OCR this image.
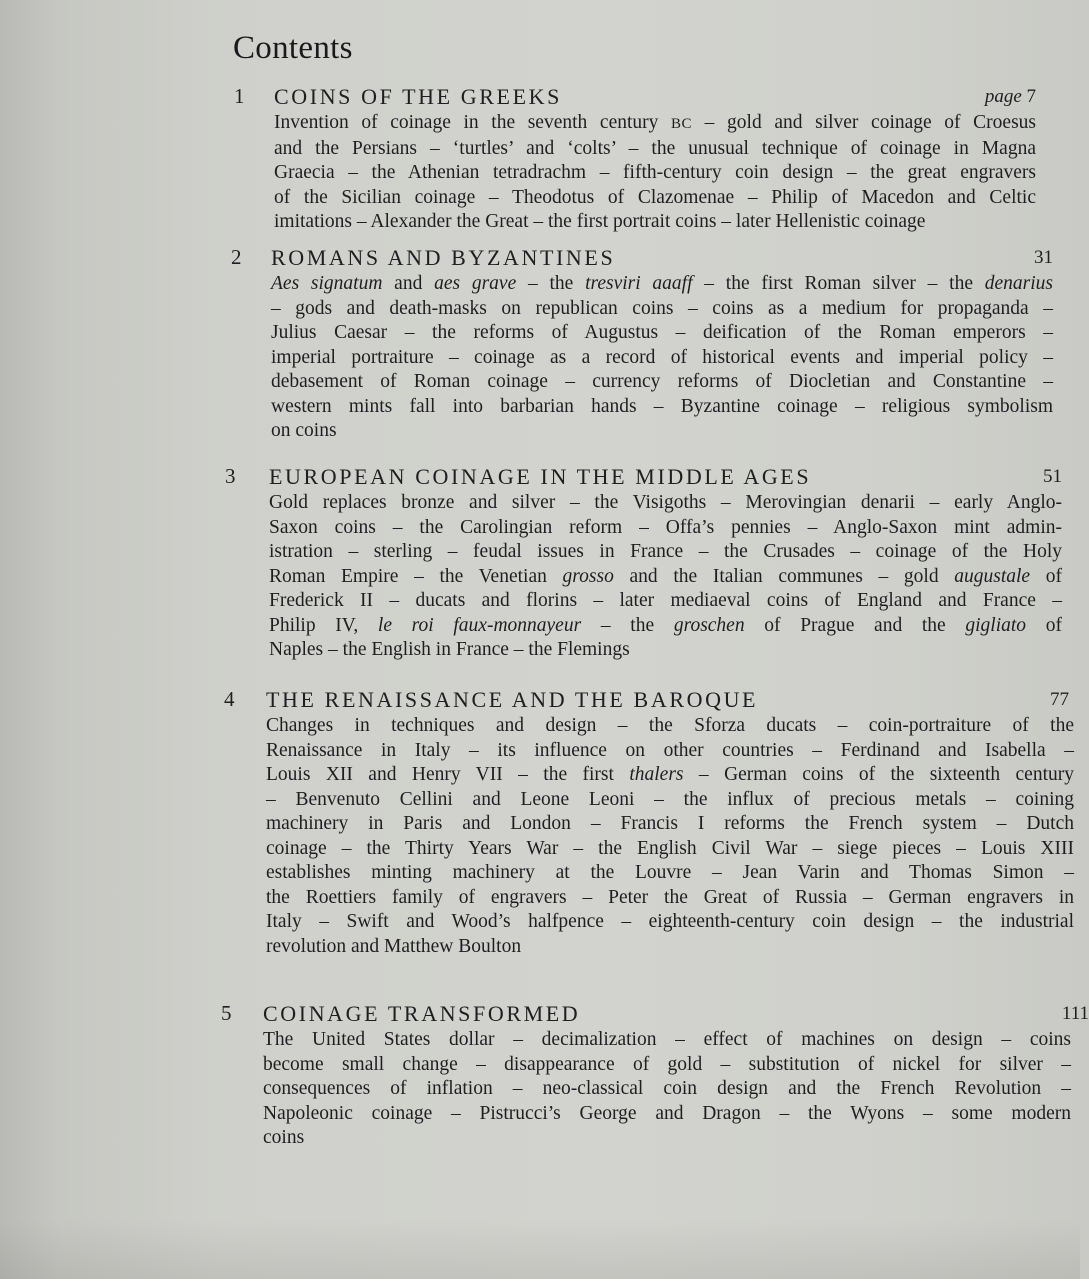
Contents
1 COINS OF THE GREEKS	page 7
Invention of coinage in the seventh century BC – gold and silver coinage of Croesus
and the Persians – ‘turtles’ and ‘colts’ – the unusual technique of coinage in Magna
Graecia – the Athenian tetradrachm – fifth-century coin design – the great engravers
of the Sicilian coinage – Theodotus of Clazomenae – Philip of Macedon and Celtic
imitations – Alexander the Great – the first portrait coins – later Hellenistic coinage
2 ROMANS AND BYZANTINES	31
Aes signatum and aes grave – the tresviri aaaff – the first Roman silver – the denarius
– gods and death-masks on republican coins – coins as a medium for propaganda –
Julius Caesar – the reforms of Augustus – deification of the Roman emperors –
imperial portraiture – coinage as a record of historical events and imperial policy –
debasement of Roman coinage – currency reforms of Diocletian and Constantine –
western mints fall into barbarian hands – Byzantine coinage – religious symbolism
on coins
3 EUROPEAN COINAGE IN THE MIDDLE AGES	51
Gold replaces bronze and silver – the Visigoths – Merovingian denarii – early Anglo-
Saxon coins – the Carolingian reform – Offa’s pennies – Anglo-Saxon mint admin-
istration – sterling – feudal issues in France – the Crusades – coinage of the Holy
Roman Empire – the Venetian grosso and the Italian communes – gold augustale of
Frederick II – ducats and florins – later mediaeval coins of England and France –
Philip IV, le roi faux-monnayeur – the groschen of Prague and the gigliato of
Naples – the English in France – the Flemings
4 THE RENAISSANCE AND THE BAROQUE	77
Changes in techniques and design – the Sforza ducats – coin-portraiture of the
Renaissance in Italy – its influence on other countries – Ferdinand and Isabella –
Louis XII and Henry VII – the first thalers – German coins of the sixteenth century
– Benvenuto Cellini and Leone Leoni – the influx of precious metals – coining
machinery in Paris and London – Francis I reforms the French system – Dutch
coinage – the Thirty Years War – the English Civil War – siege pieces – Louis XIII
establishes minting machinery at the Louvre – Jean Varin and Thomas Simon –
the Roettiers family of engravers – Peter the Great of Russia – German engravers in
Italy – Swift and Wood’s halfpence – eighteenth-century coin design – the industrial
revolution and Matthew Boulton
5 COINAGE TRANSFORMED	111
The United States dollar – decimalization – effect of machines on design – coins
become small change – disappearance of gold – substitution of nickel for silver –
consequences of inflation – neo-classical coin design and the French Revolution –
Napoleonic coinage – Pistrucci’s George and Dragon – the Wyons – some modern
coins
